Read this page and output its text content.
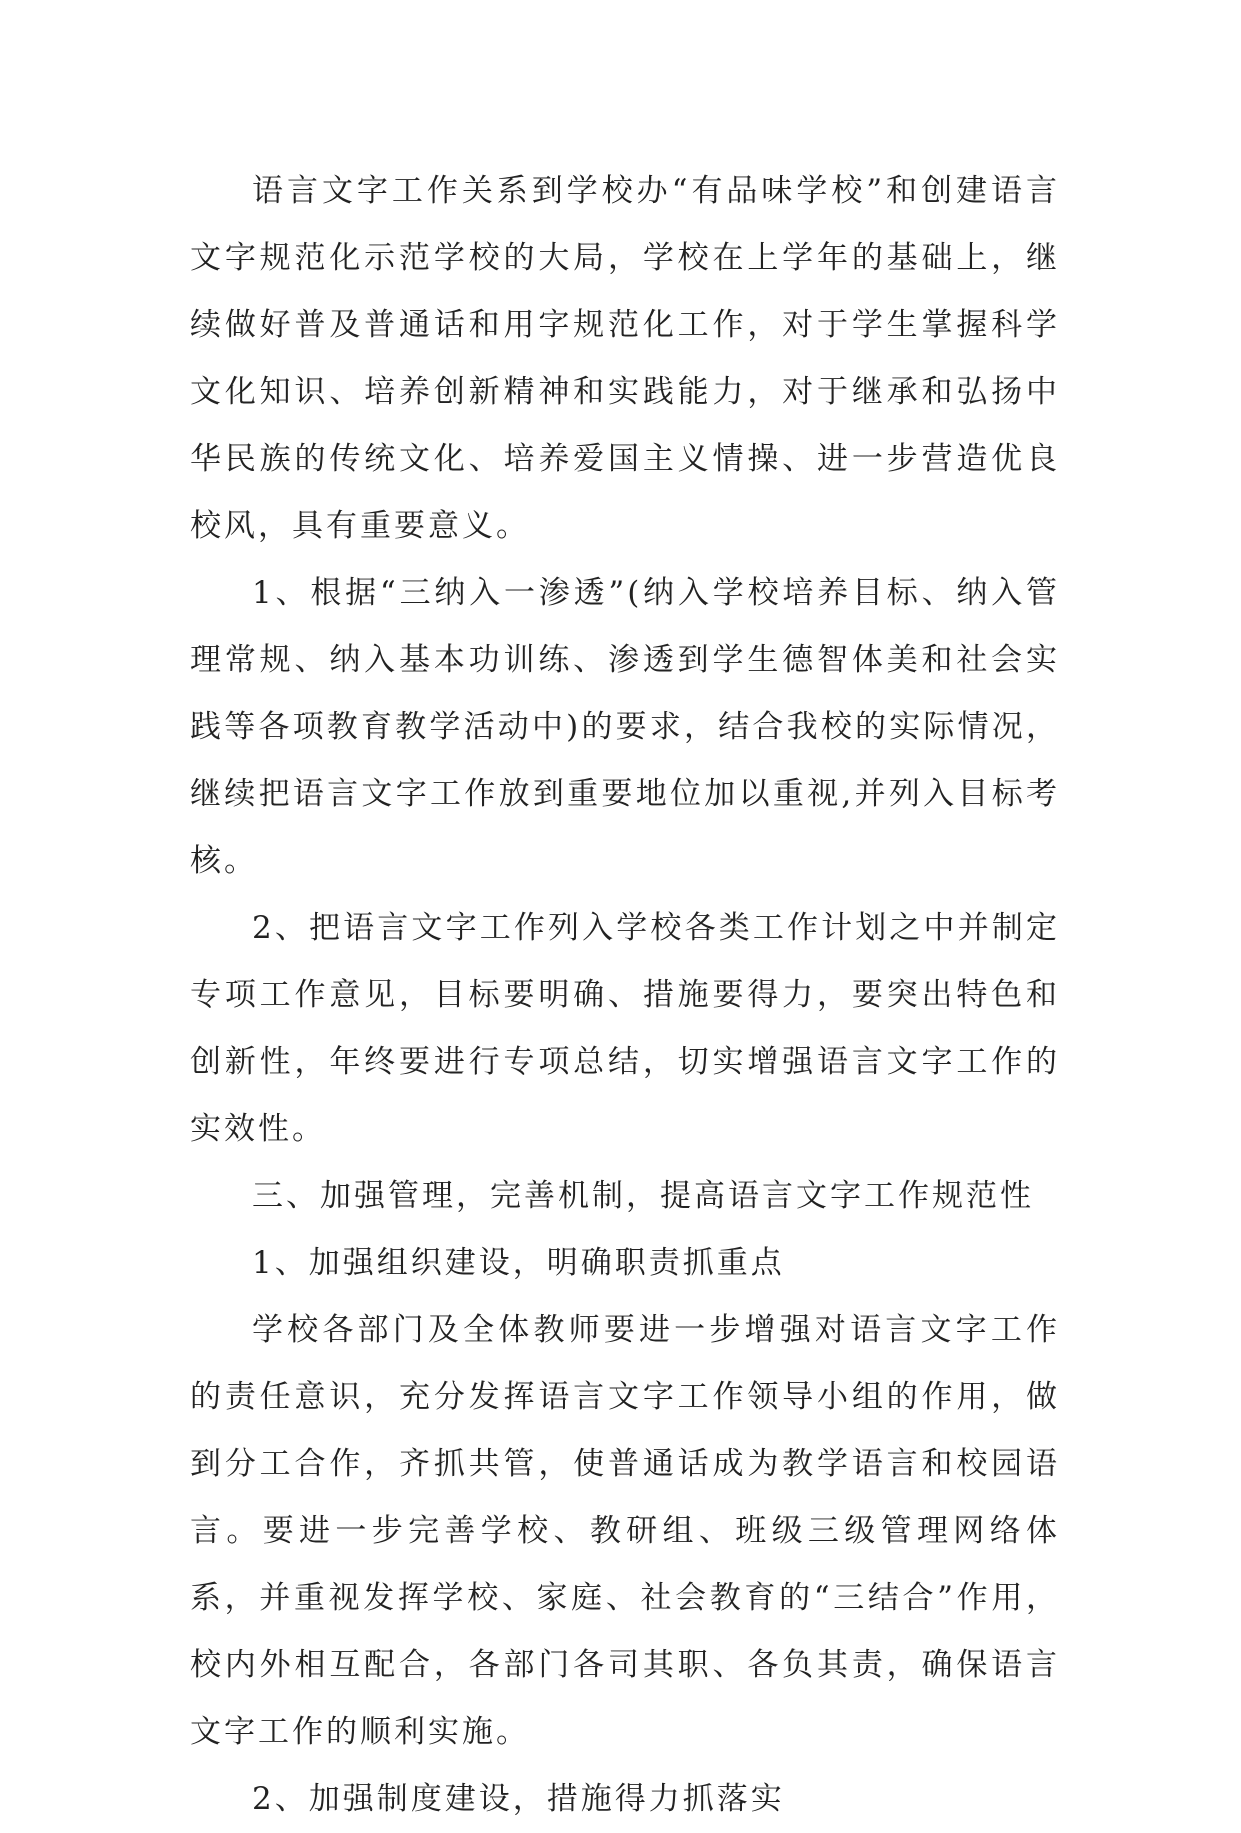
语言文字工作关系到学校办“有品味学校”和创建语言文字规范化示范学校的大局，学校在上学年的基础上，继续做好普及普通话和用字规范化工作，对于学生掌握科学文化知识、培养创新精神和实践能力，对于继承和弘扬中华民族的传统文化、培养爱国主义情操、进一步营造优良校风，具有重要意义。

1、根据“三纳入一渗透”(纳入学校培养目标、纳入管理常规、纳入基本功训练、渗透到学生德智体美和社会实践等各项教育教学活动中)的要求，结合我校的实际情况，继续把语言文字工作放到重要地位加以重视,并列入目标考核。

2、把语言文字工作列入学校各类工作计划之中并制定专项工作意见，目标要明确、措施要得力，要突出特色和创新性，年终要进行专项总结，切实增强语言文字工作的实效性。

三、加强管理，完善机制，提高语言文字工作规范性

1、加强组织建设，明确职责抓重点

学校各部门及全体教师要进一步增强对语言文字工作的责任意识，充分发挥语言文字工作领导小组的作用，做到分工合作，齐抓共管，使普通话成为教学语言和校园语言。要进一步完善学校、教研组、班级三级管理网络体系，并重视发挥学校、家庭、社会教育的“三结合”作用，校内外相互配合，各部门各司其职、各负其责，确保语言文字工作的顺利实施。

2、加强制度建设，措施得力抓落实
